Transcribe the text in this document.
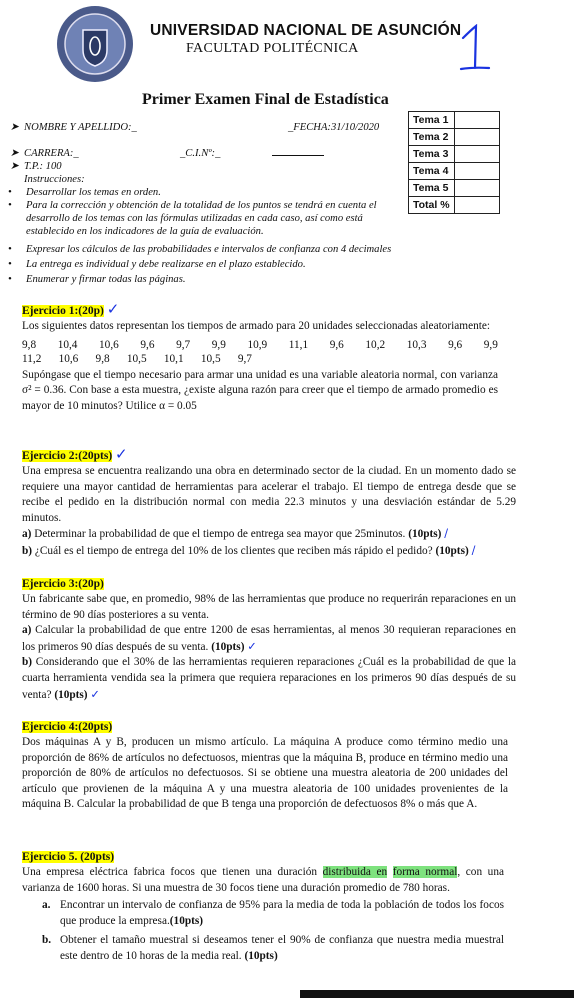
UNIVERSIDAD NACIONAL DE ASUNCIÓN
FACULTAD POLITÉCNICA
Primer Examen Final de Estadística
Tema 1	
Tema 2	
Tema 3	
Tema 4	
Tema 5	
Total %	
➤ NOMBRE Y APELLIDO:_	_FECHA:31/10/2020
➤ CARRERA:_	_C.I.Nº:_
➤ T.P.: 100
Instrucciones:
• Desarrollar los temas en orden.
• Para la corrección y obtención de la totalidad de los puntos se tendrá en cuenta el desarrollo de los temas con las fórmulas utilizadas en cada caso, así como está establecido en los indicadores de la guía de evaluación.
• Expresar los cálculos de las probabilidades e intervalos de confianza con 4 decimales
• La entrega es individual y debe realizarse en el plazo establecido.
• Enumerar y firmar todas las páginas.
Ejercicio 1:(20p) ✓
Los siguientes datos representan los tiempos de armado para 20 unidades seleccionadas aleatoriamente:
9,8 10,4 10,6 9,6 9,7 9,9 10,9 11,1 9,6 10,2 10,3 9,6 9,9
11,2 10,6 9,8 10,5 10,1 10,5 9,7
Supóngase que el tiempo necesario para armar una unidad es una variable aleatoria normal, con varianza σ² = 0.36. Con base a esta muestra, ¿existe alguna razón para creer que el tiempo de armado promedio es mayor de 10 minutos? Utilice α = 0.05
Ejercicio 2:(20pts) ✓
Una empresa se encuentra realizando una obra en determinado sector de la ciudad. En un momento dado se requiere una mayor cantidad de herramientas para acelerar el trabajo. El tiempo de entrega desde que se recibe el pedido en la distribución normal con media 22.3 minutos y una desviación estándar de 5.29 minutos.
a) Determinar la probabilidad de que el tiempo de entrega sea mayor que 25minutos. (10pts) /
b) ¿Cuál es el tiempo de entrega del 10% de los clientes que reciben más rápido el pedido? (10pts) /
Ejercicio 3:(20p)
Un fabricante sabe que, en promedio, 98% de las herramientas que produce no requerirán reparaciones en un término de 90 días posteriores a su venta.
a) Calcular la probabilidad de que entre 1200 de esas herramientas, al menos 30 requieran reparaciones en los primeros 90 días después de su venta. (10pts) ✓
b) Considerando que el 30% de las herramientas requieren reparaciones ¿Cuál es la probabilidad de que la cuarta herramienta vendida sea la primera que requiera reparaciones en los primeros 90 días después de su venta? (10pts) ✓
Ejercicio 4:(20pts)
Dos máquinas A y B, producen un mismo artículo. La máquina A produce como término medio una proporción de 86% de artículos no defectuosos, mientras que la máquina B, produce en término medio una proporción de 80% de artículos no defectuosos. Si se obtiene una muestra aleatoria de 200 unidades del artículo que provienen de la máquina A y una muestra aleatoria de 100 unidades provenientes de la máquina B. Calcular la probabilidad de que B tenga una proporción de defectuosos 8% o más que A.
Ejercicio 5. (20pts)
Una empresa eléctrica fabrica focos que tienen una duración distribuida en forma normal, con una varianza de 1600 horas. Si una muestra de 30 focos tiene una duración promedio de 780 horas.
a. Encontrar un intervalo de confianza de 95% para la media de toda la población de todos los focos que produce la empresa.(10pts)
b. Obtener el tamaño muestral si deseamos tener el 90% de confianza que nuestra media muestral este dentro de 10 horas de la media real. (10pts)
